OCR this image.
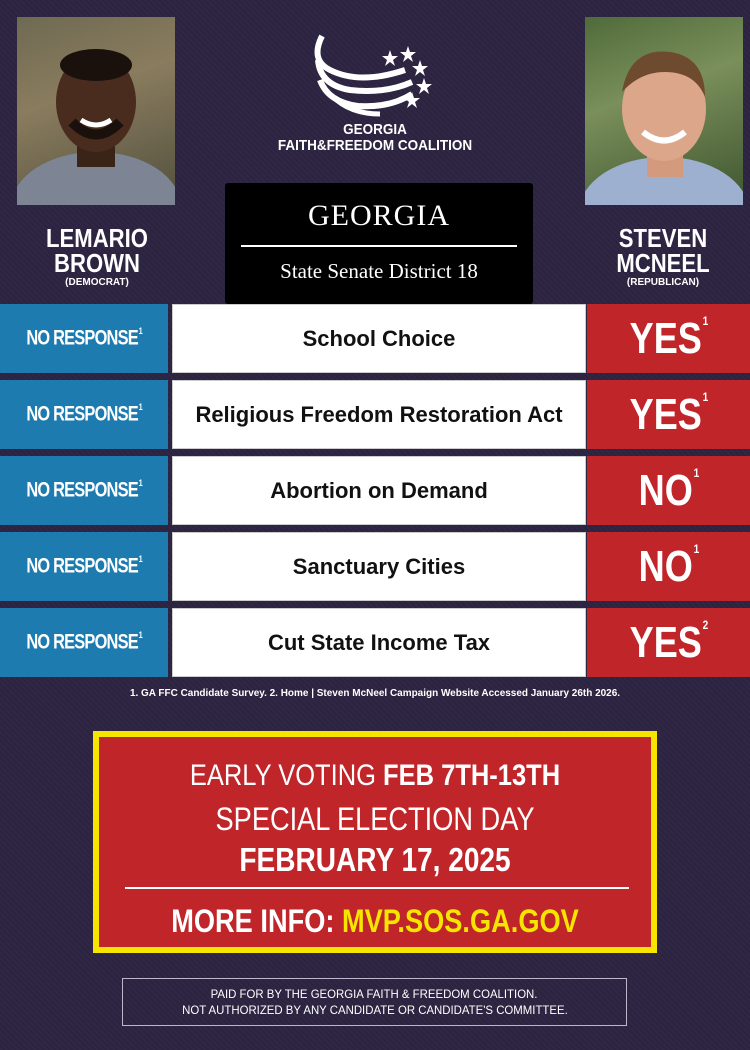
LEMARIO
BROWN
(DEMOCRAT)
STEVEN
MCNEEL
(REPUBLICAN)
GEORGIA
FAITH&FREEDOM COALITION
GEORGIA
State Senate District 18
NO RESPONSE$^1$	School Choice	YES$^1$
NO RESPONSE$^1$ Religious Freedom Restoration Act YES$^1$
NO RESPONSE$^1$	Abortion on Demand	NO$^1$
NO RESPONSE$^1$	Sanctuary Cities	NO$^1$
NO RESPONSE$^1$	Cut State Income Tax	YES$^2$
1. GA FFC Candidate Survey. 2. Home | Steven McNeel Campaign Website Accessed January 26th 2026.
EARLY VOTING FEB 7TH-13TH
SPECIAL ELECTION DAY
FEBRUARY 17, 2025
MORE INFO: MVP.SOS.GA.GOV
PAID FOR BY THE GEORGIA FAITH & FREEDOM COALITION.
NOT AUTHORIZED BY ANY CANDIDATE OR CANDIDATE'S COMMITTEE.
